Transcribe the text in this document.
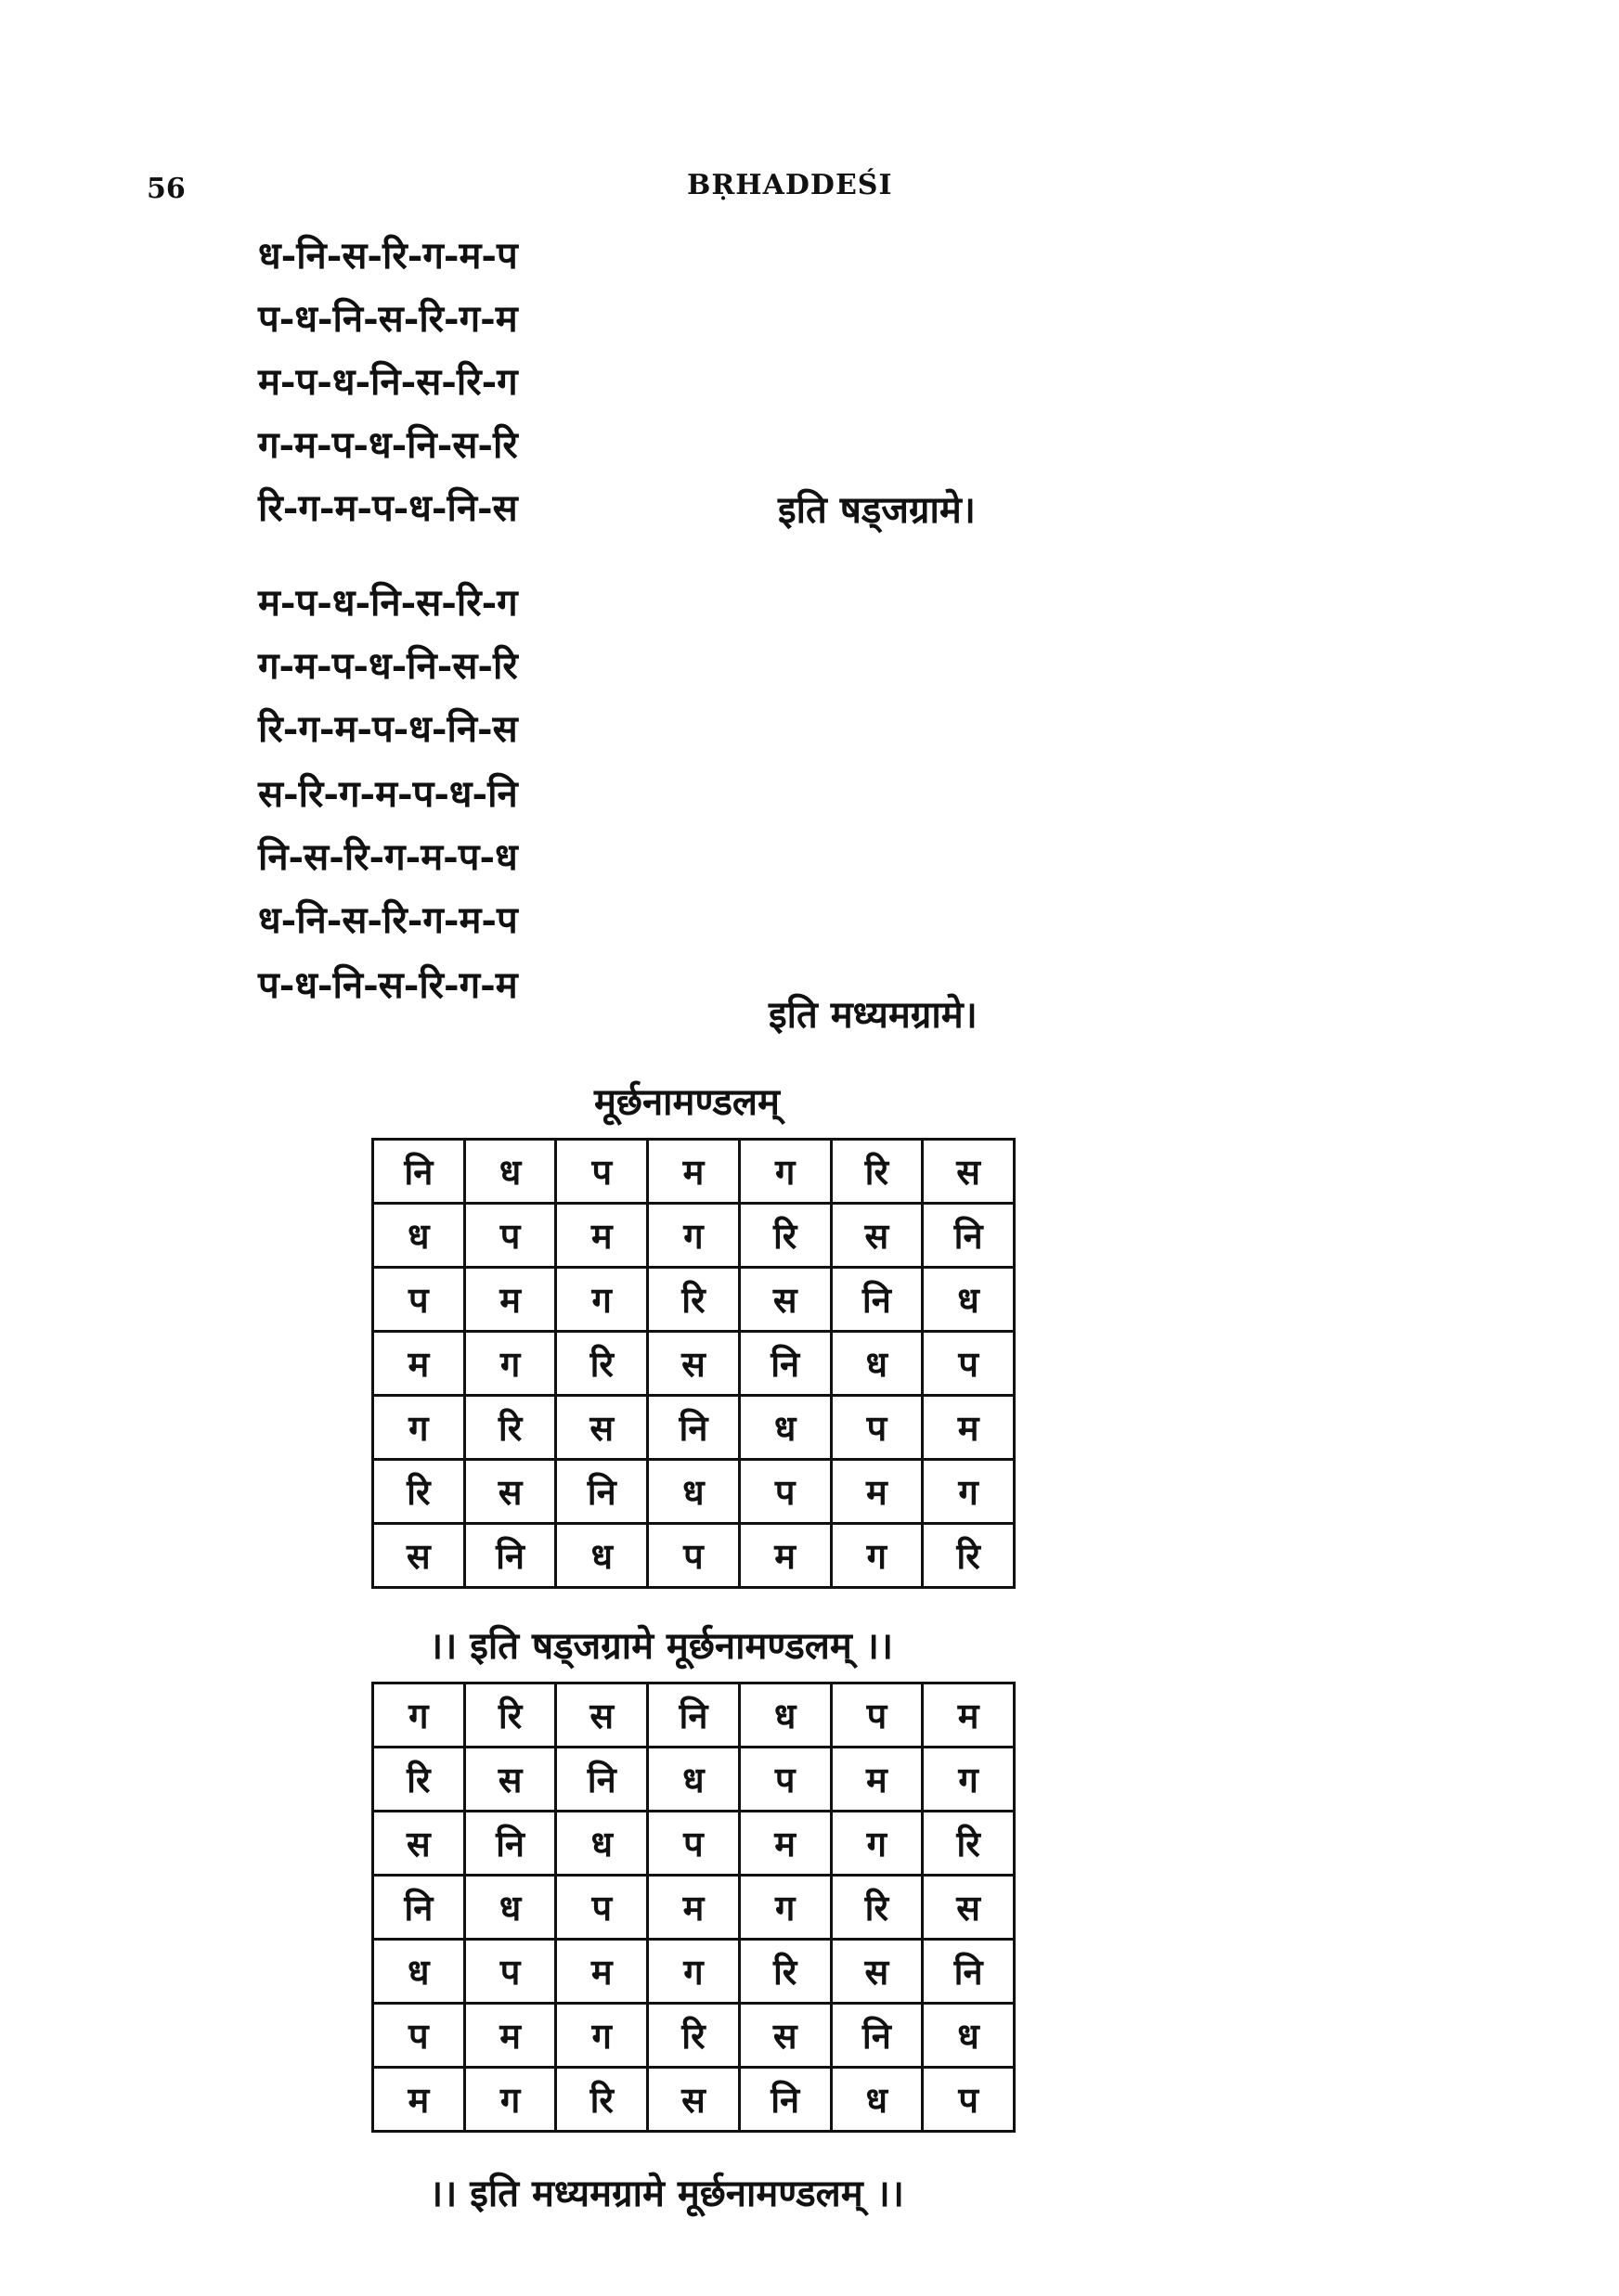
56	BṚHADDEŚI
ध-नि-स-रि-ग-म-प
प-ध-नि-स-रि-ग-म
म-प-ध-नि-स-रि-ग
ग-म-प-ध-नि-स-रि
रि-ग-म-प-ध-नि-स	इति षड्जग्रामे।
म-प-ध-नि-स-रि-ग
ग-म-प-ध-नि-स-रि
रि-ग-म-प-ध-नि-स
स-रि-ग-म-प-ध-नि
नि-स-रि-ग-म-प-ध
ध-नि-स-रि-ग-म-प
प-ध-नि-स-रि-ग-म
इति मध्यमग्रामे।
मूर्छनामण्डलम्
नि	ध	प	म	ग	रि	स
ध	प	म	ग	रि	स	नि
प	म	ग	रि	स	नि	ध
म	ग	रि	स	नि	ध	प
ग	रि	स	नि	ध	प	म
रि	स	नि	ध	प	म	ग
स	नि	ध	प	म	ग	रि
।। इति षड्जग्रामे मूर्छनामण्डलम् ।।
ग	रि	स	नि	ध	प	म
रि	स	नि	ध	प	म	ग
स	नि	ध	प	म	ग	रि
नि	ध	प	म	ग	रि	स
ध	प	म	ग	रि	स	नि
प	म	ग	रि	स	नि	ध
म	ग	रि	स	नि	ध	प
।। इति मध्यमग्रामे मूर्छनामण्डलम् ।।
